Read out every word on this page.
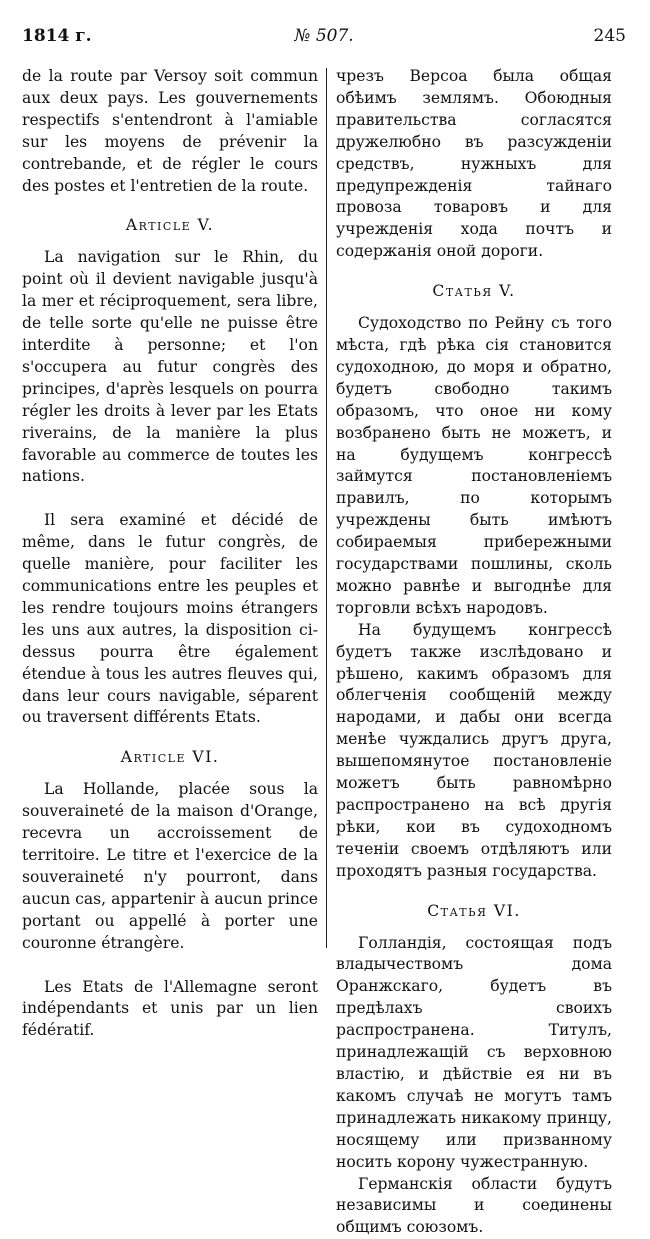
1814 г.	№ 507.	245

de la route par Versoy soit commun aux deux pays. Les gouvernements respectifs s'entendront à l'amiable sur les moyens de prévenir la contrebande, et de régler le cours des postes et l'entretien de la route.

Article V.

La navigation sur le Rhin, du point où il devient navigable jusqu'à la mer et réciproquement, sera libre, de telle sorte qu'elle ne puisse être interdite à personne; et l'on s'occupera au futur congrès des principes, d'après lesquels on pourra régler les droits à lever par les Etats riverains, de la manière la plus favorable au commerce de toutes les nations.

Il sera examiné et décidé de même, dans le futur congrès, de quelle manière, pour faciliter les communications entre les peuples et les rendre toujours moins étrangers les uns aux autres, la disposition ci-dessus pourra être également étendue à tous les autres fleuves qui, dans leur cours navigable, séparent ou traversent différents Etats.

Article VI.

La Hollande, placée sous la souveraineté de la maison d'Orange, recevra un accroissement de territoire. Le titre et l'exercice de la souveraineté n'y pourront, dans aucun cas, appartenir à aucun prince portant ou appellé à porter une couronne étrangère.

Les Etats de l'Allemagne seront indépendants et unis par un lien fédératif.

чрезъ Версоа была общая обѣимъ землямъ. Обоюдныя правительства согласятся дружелюбно въ разсужденіи средствъ, нужныхъ для предупрежденія тайнаго провоза товаровъ и для учрежденія хода почтъ и содержанія оной дороги.

Статья V.

Судоходство по Рейну съ того мѣста, гдѣ рѣка сія становится судоходною, до моря и обратно, будетъ свободно такимъ образомъ, что оное ни кому возбранено быть не можетъ, и на будущемъ конгрессѣ займутся постановленіемъ правилъ, по которымъ учреждены быть имѣютъ собираемыя прибережными государствами пошлины, сколь можно равнѣе и выгоднѣе для торговли всѣхъ народовъ.

На будущемъ конгрессѣ будетъ также изслѣдовано и рѣшено, какимъ образомъ для облегченія сообщеній между народами, и дабы они всегда менѣе чуждались другъ друга, вышепомянутое постановленіе можетъ быть равномѣрно распространено на всѣ другія рѣки, кои въ судоходномъ теченіи своемъ отдѣляютъ или проходятъ разныя государства.

Статья VI.

Голландія, состоящая подъ владычествомъ дома Оранжскаго, будетъ въ предѣлахъ своихъ распространена. Титулъ, принадлежащій съ верховною властію, и дѣйствіе ея ни въ какомъ случаѣ не могутъ тамъ принадлежать никакому принцу, носящему или призванному носить корону чужестранную.

Германскія области будутъ независимы и соединены общимъ союзомъ.
